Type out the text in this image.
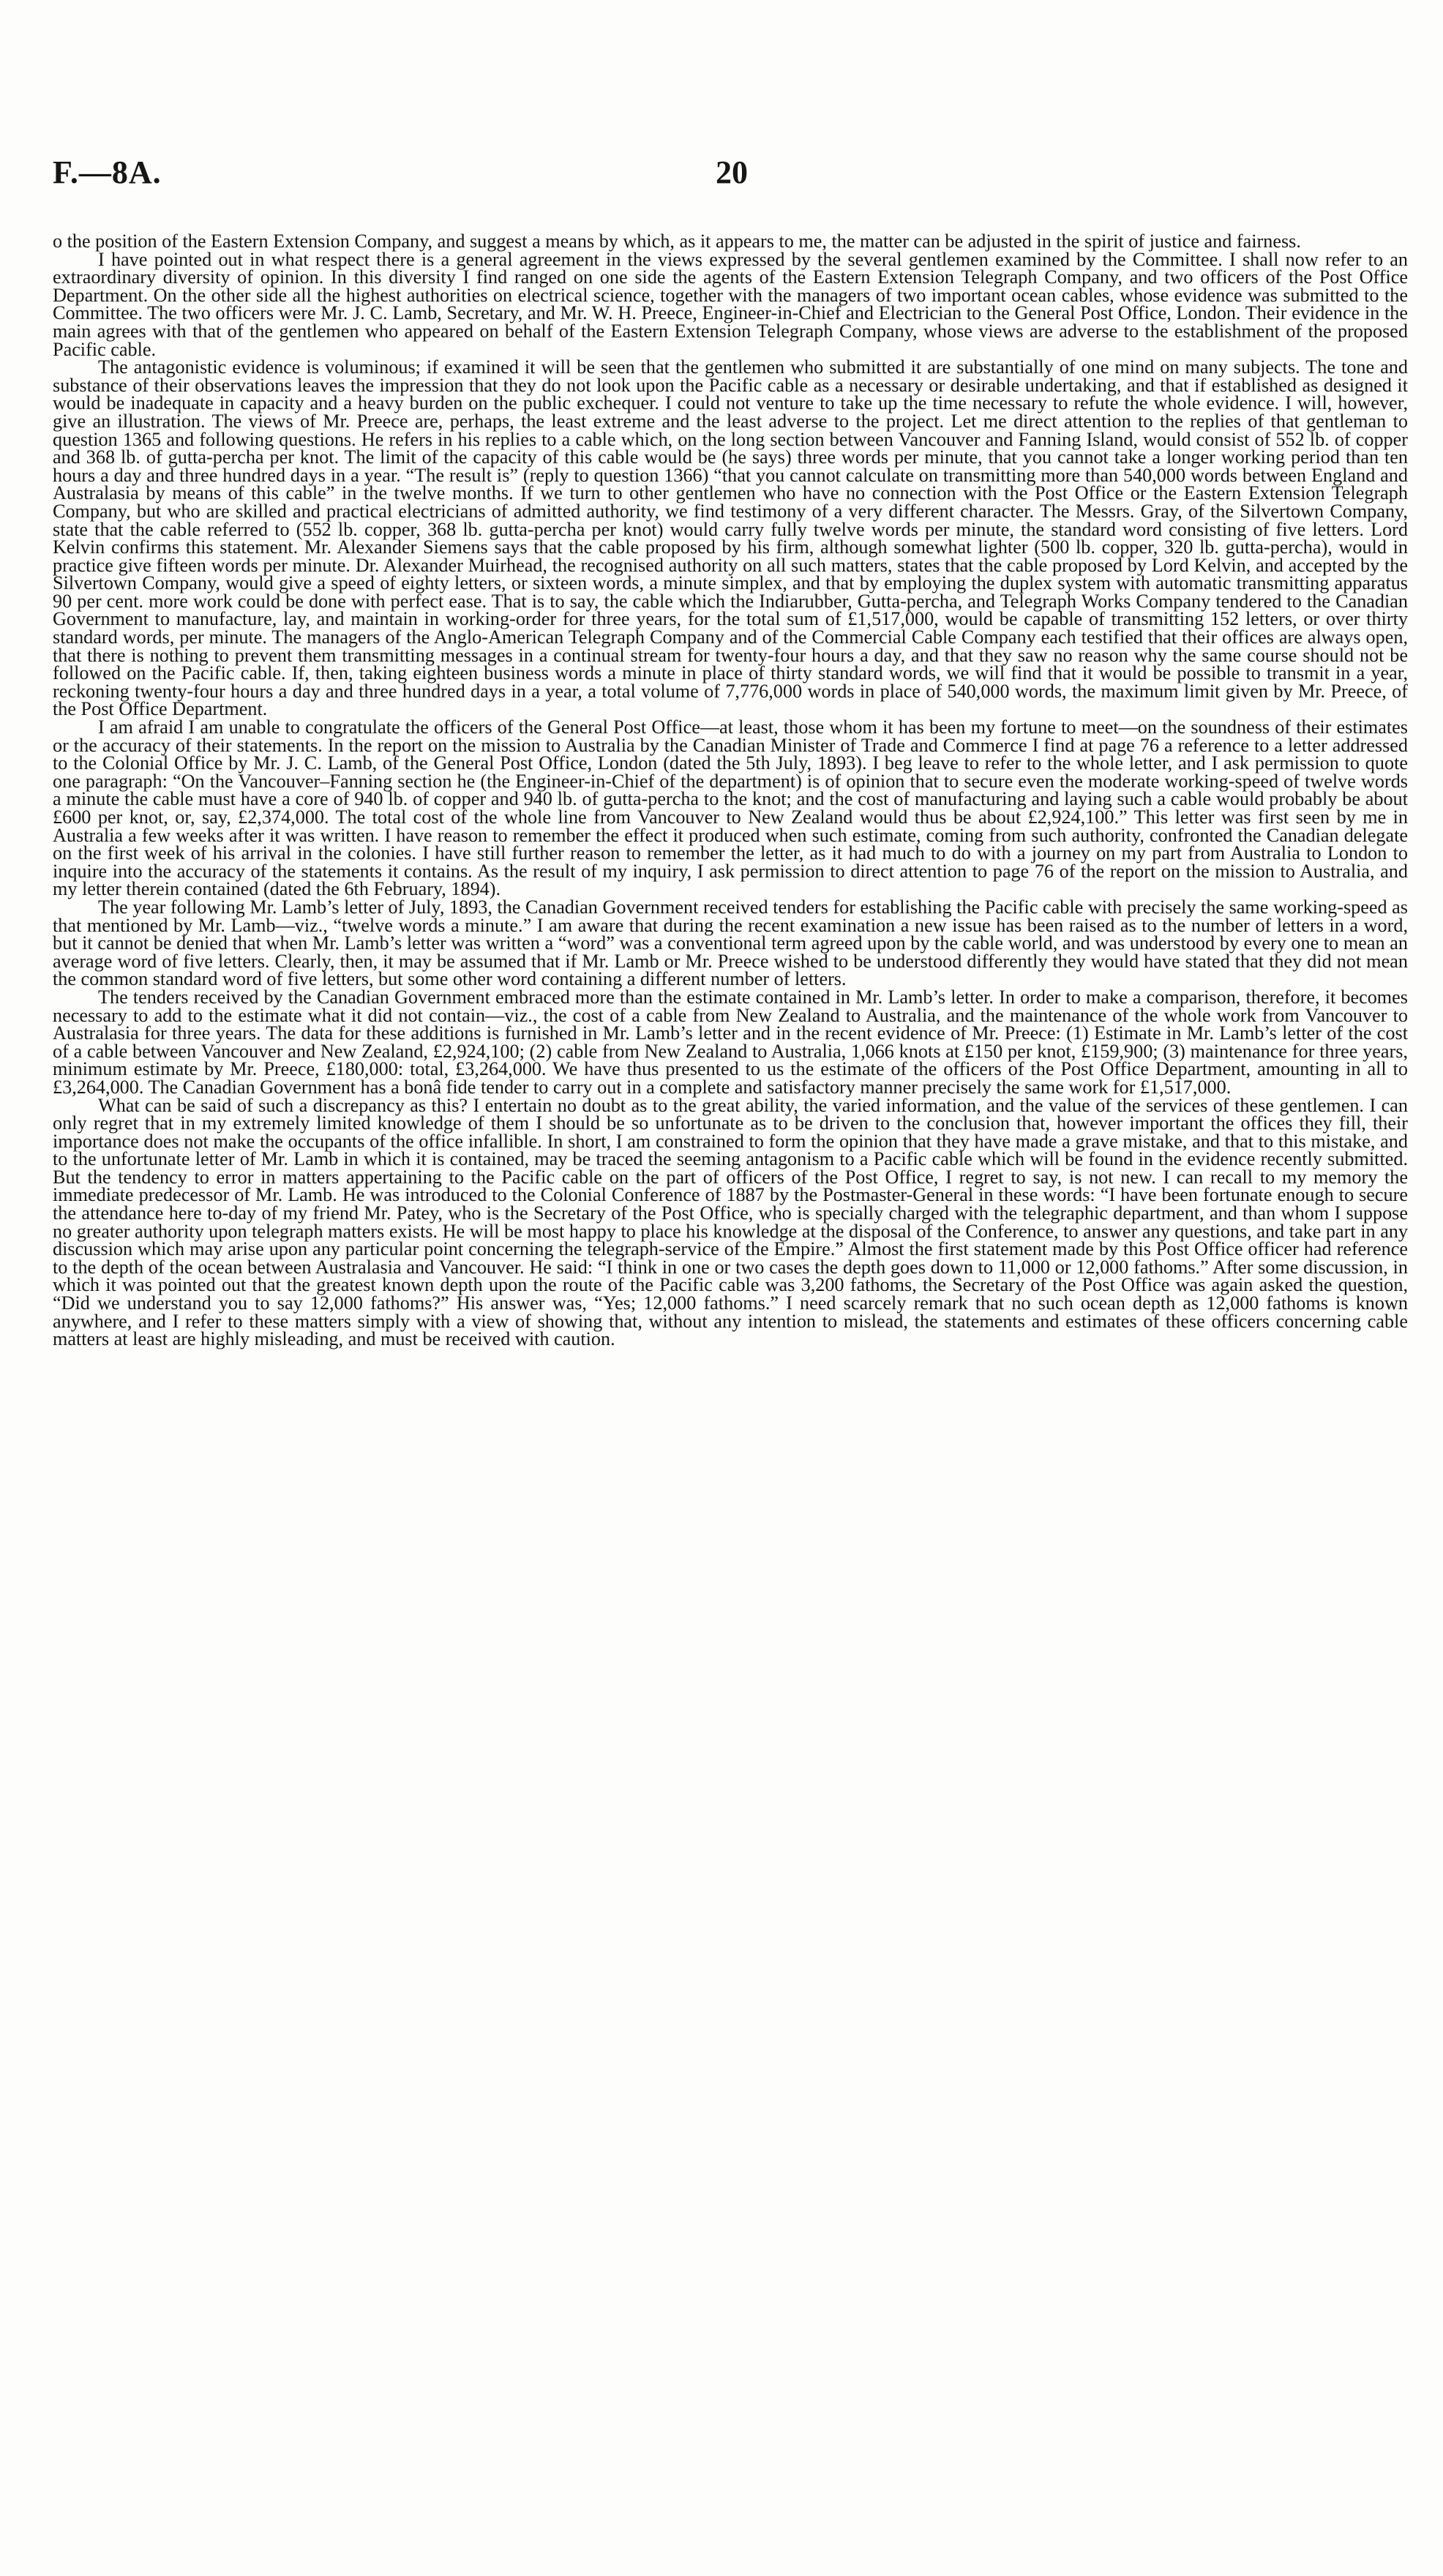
F.—8A.	20

o the position of the Eastern Extension Company, and suggest a means by which, as it appears to me, the matter can be adjusted in the spirit of justice and fairness.

I have pointed out in what respect there is a general agreement in the views expressed by the several gentlemen examined by the Committee. I shall now refer to an extraordinary diversity of opinion. In this diversity I find ranged on one side the agents of the Eastern Extension Telegraph Company, and two officers of the Post Office Department. On the other side all the highest authorities on electrical science, together with the managers of two important ocean cables, whose evidence was submitted to the Committee. The two officers were Mr. J. C. Lamb, Secretary, and Mr. W. H. Preece, Engineer-in-Chief and Electrician to the General Post Office, London. Their evidence in the main agrees with that of the gentlemen who appeared on behalf of the Eastern Extension Telegraph Company, whose views are adverse to the establishment of the proposed Pacific cable.

The antagonistic evidence is voluminous; if examined it will be seen that the gentlemen who submitted it are substantially of one mind on many subjects. The tone and substance of their observations leaves the impression that they do not look upon the Pacific cable as a necessary or desirable undertaking, and that if established as designed it would be inadequate in capacity and a heavy burden on the public exchequer. I could not venture to take up the time necessary to refute the whole evidence. I will, however, give an illustration. The views of Mr. Preece are, perhaps, the least extreme and the least adverse to the project. Let me direct attention to the replies of that gentleman to question 1365 and following questions. He refers in his replies to a cable which, on the long section between Vancouver and Fanning Island, would consist of 552 lb. of copper and 368 lb. of gutta-percha per knot. The limit of the capacity of this cable would be (he says) three words per minute, that you cannot take a longer working period than ten hours a day and three hundred days in a year. “The result is” (reply to question 1366) “that you cannot calculate on transmitting more than 540,000 words between England and Australasia by means of this cable” in the twelve months. If we turn to other gentlemen who have no connection with the Post Office or the Eastern Extension Telegraph Company, but who are skilled and practical electricians of admitted authority, we find testimony of a very different character. The Messrs. Gray, of the Silvertown Company, state that the cable referred to (552 lb. copper, 368 lb. gutta-percha per knot) would carry fully twelve words per minute, the standard word consisting of five letters. Lord Kelvin confirms this statement. Mr. Alexander Siemens says that the cable proposed by his firm, although somewhat lighter (500 lb. copper, 320 lb. gutta-percha), would in practice give fifteen words per minute. Dr. Alexander Muirhead, the recognised authority on all such matters, states that the cable proposed by Lord Kelvin, and accepted by the Silvertown Company, would give a speed of eighty letters, or sixteen words, a minute simplex, and that by employing the duplex system with automatic transmitting apparatus 90 per cent. more work could be done with perfect ease. That is to say, the cable which the Indiarubber, Gutta-percha, and Telegraph Works Company tendered to the Canadian Government to manufacture, lay, and maintain in working-order for three years, for the total sum of £1,517,000, would be capable of transmitting 152 letters, or over thirty standard words, per minute. The managers of the Anglo-American Telegraph Company and of the Commercial Cable Company each testified that their offices are always open, that there is nothing to prevent them transmitting messages in a continual stream for twenty-four hours a day, and that they saw no reason why the same course should not be followed on the Pacific cable. If, then, taking eighteen business words a minute in place of thirty standard words, we will find that it would be possible to transmit in a year, reckoning twenty-four hours a day and three hundred days in a year, a total volume of 7,776,000 words in place of 540,000 words, the maximum limit given by Mr. Preece, of the Post Office Department.

I am afraid I am unable to congratulate the officers of the General Post Office—at least, those whom it has been my fortune to meet—on the soundness of their estimates or the accuracy of their statements. In the report on the mission to Australia by the Canadian Minister of Trade and Commerce I find at page 76 a reference to a letter addressed to the Colonial Office by Mr. J. C. Lamb, of the General Post Office, London (dated the 5th July, 1893). I beg leave to refer to the whole letter, and I ask permission to quote one paragraph: “On the Vancouver–Fanning section he (the Engineer-in-Chief of the department) is of opinion that to secure even the moderate working-speed of twelve words a minute the cable must have a core of 940 lb. of copper and 940 lb. of gutta-percha to the knot; and the cost of manufacturing and laying such a cable would probably be about £600 per knot, or, say, £2,374,000. The total cost of the whole line from Vancouver to New Zealand would thus be about £2,924,100.” This letter was first seen by me in Australia a few weeks after it was written. I have reason to remember the effect it produced when such estimate, coming from such authority, confronted the Canadian delegate on the first week of his arrival in the colonies. I have still further reason to remember the letter, as it had much to do with a journey on my part from Australia to London to inquire into the accuracy of the statements it contains. As the result of my inquiry, I ask permission to direct attention to page 76 of the report on the mission to Australia, and my letter therein contained (dated the 6th February, 1894).

The year following Mr. Lamb’s letter of July, 1893, the Canadian Government received tenders for establishing the Pacific cable with precisely the same working-speed as that mentioned by Mr. Lamb—viz., “twelve words a minute.” I am aware that during the recent examination a new issue has been raised as to the number of letters in a word, but it cannot be denied that when Mr. Lamb’s letter was written a “word” was a conventional term agreed upon by the cable world, and was understood by every one to mean an average word of five letters. Clearly, then, it may be assumed that if Mr. Lamb or Mr. Preece wished to be understood differently they would have stated that they did not mean the common standard word of five letters, but some other word containing a different number of letters.

The tenders received by the Canadian Government embraced more than the estimate contained in Mr. Lamb’s letter. In order to make a comparison, therefore, it becomes necessary to add to the estimate what it did not contain—viz., the cost of a cable from New Zealand to Australia, and the maintenance of the whole work from Vancouver to Australasia for three years. The data for these additions is furnished in Mr. Lamb’s letter and in the recent evidence of Mr. Preece: (1) Estimate in Mr. Lamb’s letter of the cost of a cable between Vancouver and New Zealand, £2,924,100; (2) cable from New Zealand to Australia, 1,066 knots at £150 per knot, £159,900; (3) maintenance for three years, minimum estimate by Mr. Preece, £180,000: total, £3,264,000. We have thus presented to us the estimate of the officers of the Post Office Department, amounting in all to £3,264,000. The Canadian Government has a bonâ fide tender to carry out in a complete and satisfactory manner precisely the same work for £1,517,000.

What can be said of such a discrepancy as this? I entertain no doubt as to the great ability, the varied information, and the value of the services of these gentlemen. I can only regret that in my extremely limited knowledge of them I should be so unfortunate as to be driven to the conclusion that, however important the offices they fill, their importance does not make the occupants of the office infallible. In short, I am constrained to form the opinion that they have made a grave mistake, and that to this mistake, and to the unfortunate letter of Mr. Lamb in which it is contained, may be traced the seeming antagonism to a Pacific cable which will be found in the evidence recently submitted. But the tendency to error in matters appertaining to the Pacific cable on the part of officers of the Post Office, I regret to say, is not new. I can recall to my memory the immediate predecessor of Mr. Lamb. He was introduced to the Colonial Conference of 1887 by the Postmaster-General in these words: “I have been fortunate enough to secure the attendance here to-day of my friend Mr. Patey, who is the Secretary of the Post Office, who is specially charged with the telegraphic department, and than whom I suppose no greater authority upon telegraph matters exists. He will be most happy to place his knowledge at the disposal of the Conference, to answer any questions, and take part in any discussion which may arise upon any particular point concerning the telegraph-service of the Empire.” Almost the first statement made by this Post Office officer had reference to the depth of the ocean between Australasia and Vancouver. He said: “I think in one or two cases the depth goes down to 11,000 or 12,000 fathoms.” After some discussion, in which it was pointed out that the greatest known depth upon the route of the Pacific cable was 3,200 fathoms, the Secretary of the Post Office was again asked the question, “Did we understand you to say 12,000 fathoms?” His answer was, “Yes; 12,000 fathoms.” I need scarcely remark that no such ocean depth as 12,000 fathoms is known anywhere, and I refer to these matters simply with a view of showing that, without any intention to mislead, the statements and estimates of these officers concerning cable matters at least are highly misleading, and must be received with caution.
